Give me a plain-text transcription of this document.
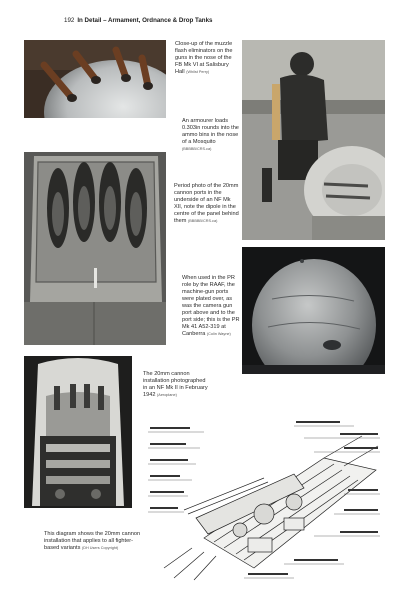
192 In Detail – Armament, Ordnance & Drop Tanks
Close-up of the muzzle flash eliminators on the guns in the nose of the FB Mk VI at Salisbury Hall (Whilst Perry)
An armourer loads 0.303in rounds into the ammo bins in the nose of a Mosquito (BBBBB/CRS.ca)
Period photo of the 20mm cannon ports in the underside of an NF Mk XII, note the dipole in the centre of the panel behind them (BBBBB/CRS.ca)
When used in the PR role by the RAAF, the machine-gun ports were plated over, as was the camera gun port above and to the port side; this is the PR Mk 41 A52-319 at Canberra (Colin Wayne)
The 20mm cannon installation photographed in an NF Mk II in February 1942 (Aeroplane)
This diagram shows the 20mm cannon installation that applies to all fighter-based variants (DH Users Copyright)
